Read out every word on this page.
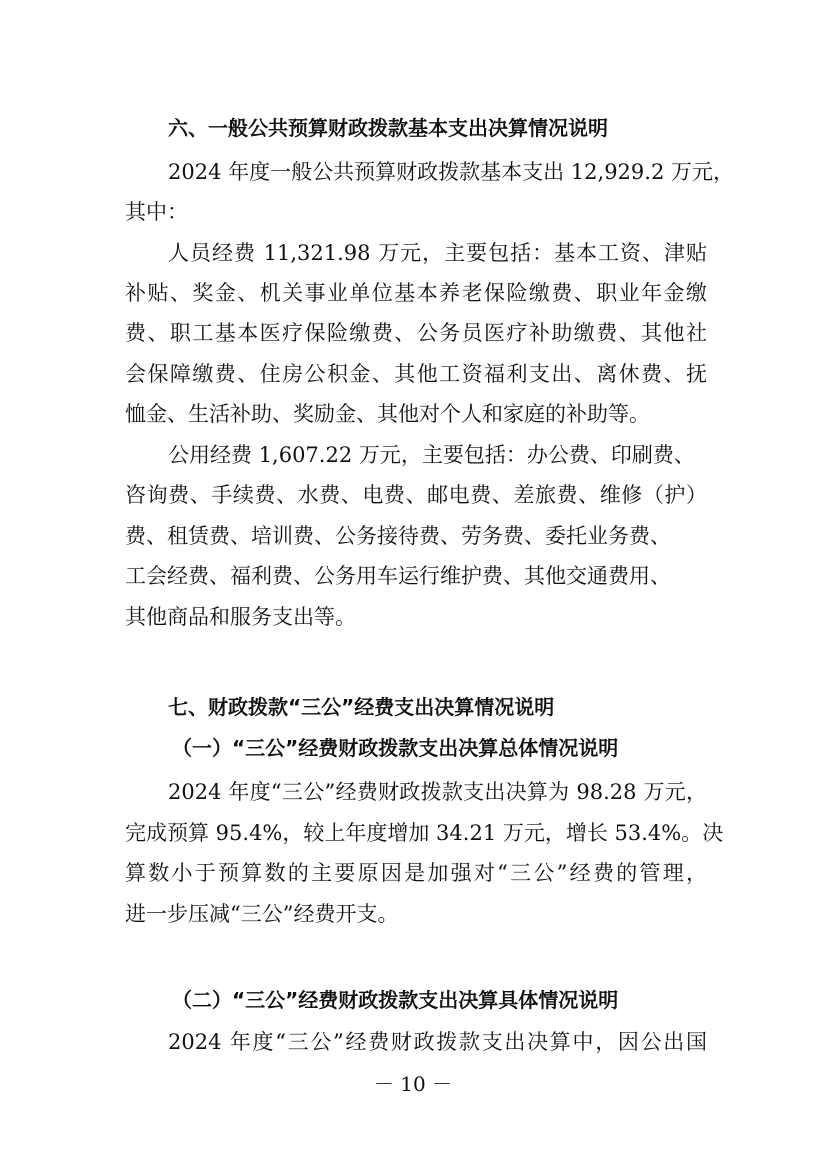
六、一般公共预算财政拨款基本支出决算情况说明

2024 年度一般公共预算财政拨款基本支出 12,929.2 万元，

其中：

人员经费 11,321.98 万元，主要包括：基本工资、津贴

补贴、奖金、机关事业单位基本养老保险缴费、职业年金缴

费、职工基本医疗保险缴费、公务员医疗补助缴费、其他社

会保障缴费、住房公积金、其他工资福利支出、离休费、抚

恤金、生活补助、奖励金、其他对个人和家庭的补助等。

公用经费 1,607.22 万元，主要包括：办公费、印刷费、

咨询费、手续费、水费、电费、邮电费、差旅费、维修（护）

费、租赁费、培训费、公务接待费、劳务费、委托业务费、

工会经费、福利费、公务用车运行维护费、其他交通费用、

其他商品和服务支出等。

七、财政拨款“三公”经费支出决算情况说明

（一）“三公”经费财政拨款支出决算总体情况说明

2024 年度“三公”经费财政拨款支出决算为 98.28 万元，

完成预算 95.4%，较上年度增加 34.21 万元，增长 53.4%。决

算数小于预算数的主要原因是加强对“三公”经费的管理，

进一步压减“三公”经费开支。

（二）“三公”经费财政拨款支出决算具体情况说明

2024 年度“三公”经费财政拨款支出决算中，因公出国

－ 10 －
